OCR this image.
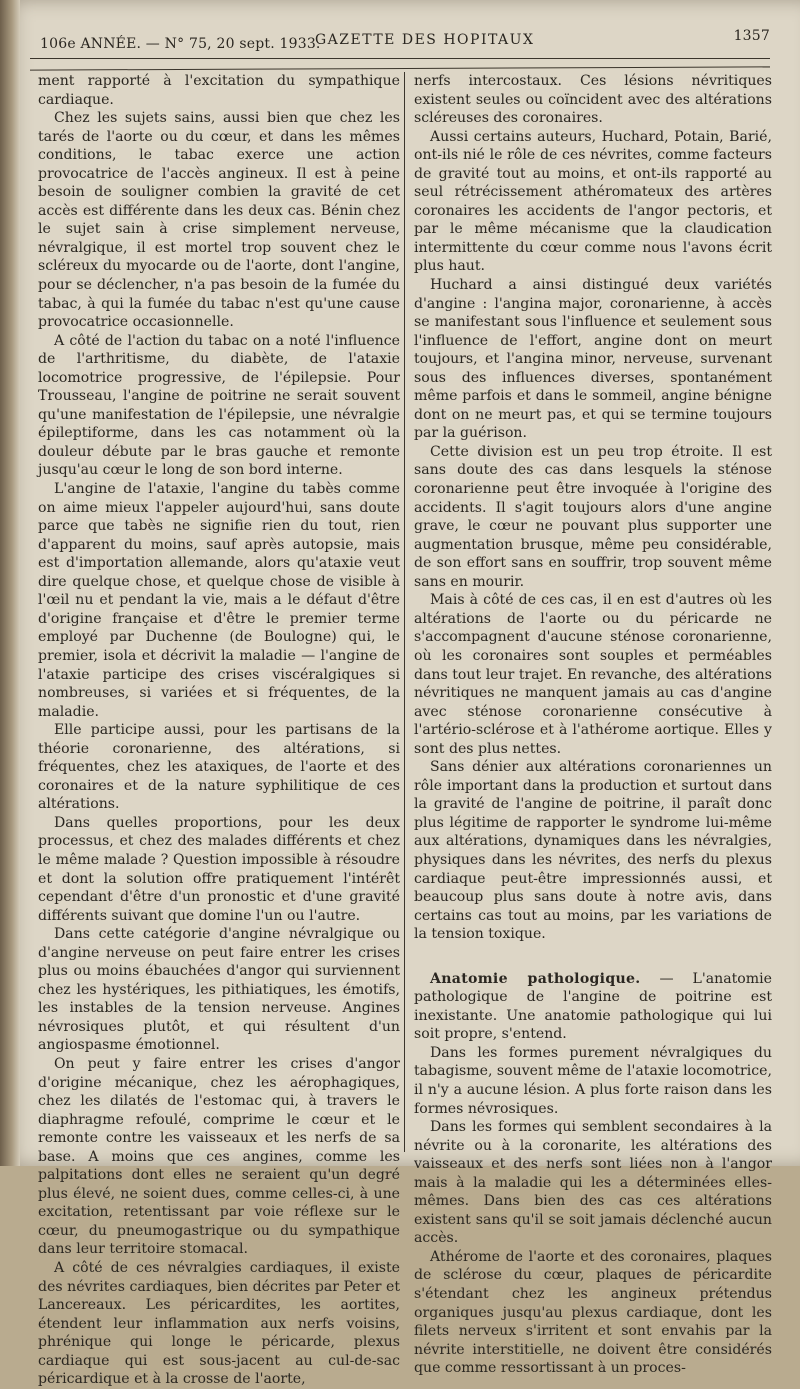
106e ANNÉE. — N° 75, 20 sept. 1933.
GAZETTE DES HOPITAUX	1357

ment rapporté à l'excitation du sympathique cardiaque.

Chez les sujets sains, aussi bien que chez les tarés de l'aorte ou du cœur, et dans les mêmes conditions, le tabac exerce une action provocatrice de l'accès angineux. Il est à peine besoin de souligner combien la gravité de cet accès est différente dans les deux cas. Bénin chez le sujet sain à crise simplement nerveuse, névralgique, il est mortel trop souvent chez le scléreux du myocarde ou de l'aorte, dont l'angine, pour se déclencher, n'a pas besoin de la fumée du tabac, à qui la fumée du tabac n'est qu'une cause provocatrice occasionnelle.

A côté de l'action du tabac on a noté l'influence de l'arthritisme, du diabète, de l'ataxie locomotrice progressive, de l'épilepsie. Pour Trousseau, l'angine de poitrine ne serait souvent qu'une manifestation de l'épilepsie, une névralgie épileptiforme, dans les cas notamment où la douleur débute par le bras gauche et remonte jusqu'au cœur le long de son bord interne.

L'angine de l'ataxie, l'angine du tabès comme on aime mieux l'appeler aujourd'hui, sans doute parce que tabès ne signifie rien du tout, rien d'apparent du moins, sauf après autopsie, mais est d'importation allemande, alors qu'ataxie veut dire quelque chose, et quelque chose de visible à l'œil nu et pendant la vie, mais a le défaut d'être d'origine française et d'être le premier terme employé par Duchenne (de Boulogne) qui, le premier, isola et décrivit la maladie — l'angine de l'ataxie participe des crises viscéralgiques si nombreuses, si variées et si fréquentes, de la maladie.

Elle participe aussi, pour les partisans de la théorie coronarienne, des altérations, si fréquentes, chez les ataxiques, de l'aorte et des coronaires et de la nature syphilitique de ces altérations.

Dans quelles proportions, pour les deux processus, et chez des malades différents et chez le même malade ? Question impossible à résoudre et dont la solution offre pratiquement l'intérêt cependant d'être d'un pronostic et d'une gravité différents suivant que domine l'un ou l'autre.

Dans cette catégorie d'angine névralgique ou d'angine nerveuse on peut faire entrer les crises plus ou moins ébauchées d'angor qui surviennent chez les hystériques, les pithiatiques, les émotifs, les instables de la tension nerveuse. Angines névrosiques plutôt, et qui résultent d'un angiospasme émotionnel.

On peut y faire entrer les crises d'angor d'origine mécanique, chez les aérophagiques, chez les dilatés de l'estomac qui, à travers le diaphragme refoulé, comprime le cœur et le remonte contre les vaisseaux et les nerfs de sa base. A moins que ces angines, comme les palpitations dont elles ne seraient qu'un degré plus élevé, ne soient dues, comme celles-ci, à une excitation, retentissant par voie réflexe sur le cœur, du pneumogastrique ou du sympathique dans leur territoire stomacal.

A côté de ces névralgies cardiaques, il existe des névrites cardiaques, bien décrites par Peter et Lancereaux. Les péricardites, les aortites, étendent leur inflammation aux nerfs voisins, phrénique qui longe le péricarde, plexus cardiaque qui est sous-jacent au cul-de-sac péricardique et à la crosse de l'aorte,

nerfs intercostaux. Ces lésions névritiques existent seules ou coïncident avec des altérations scléreuses des coronaires.

Aussi certains auteurs, Huchard, Potain, Barié, ont-ils nié le rôle de ces névrites, comme facteurs de gravité tout au moins, et ont-ils rapporté au seul rétrécissement athéromateux des artères coronaires les accidents de l'angor pectoris, et par le même mécanisme que la claudication intermittente du cœur comme nous l'avons écrit plus haut.

Huchard a ainsi distingué deux variétés d'angine : l'angina major, coronarienne, à accès se manifestant sous l'influence et seulement sous l'influence de l'effort, angine dont on meurt toujours, et l'angina minor, nerveuse, survenant sous des influences diverses, spontanément même parfois et dans le sommeil, angine bénigne dont on ne meurt pas, et qui se termine toujours par la guérison.

Cette division est un peu trop étroite. Il est sans doute des cas dans lesquels la sténose coronarienne peut être invoquée à l'origine des accidents. Il s'agit toujours alors d'une angine grave, le cœur ne pouvant plus supporter une augmentation brusque, même peu considérable, de son effort sans en souffrir, trop souvent même sans en mourir.

Mais à côté de ces cas, il en est d'autres où les altérations de l'aorte ou du péricarde ne s'accompagnent d'aucune sténose coronarienne, où les coronaires sont souples et perméables dans tout leur trajet. En revanche, des altérations névritiques ne manquent jamais au cas d'angine avec sténose coronarienne consécutive à l'artério-sclérose et à l'athérome aortique. Elles y sont des plus nettes.

Sans dénier aux altérations coronariennes un rôle important dans la production et surtout dans la gravité de l'angine de poitrine, il paraît donc plus légitime de rapporter le syndrome lui-même aux altérations, dynamiques dans les névralgies, physiques dans les névrites, des nerfs du plexus cardiaque peut-être impressionnés aussi, et beaucoup plus sans doute à notre avis, dans certains cas tout au moins, par les variations de la tension toxique.

Anatomie pathologique. — L'anatomie pathologique de l'angine de poitrine est inexistante. Une anatomie pathologique qui lui soit propre, s'entend.

Dans les formes purement névralgiques du tabagisme, souvent même de l'ataxie locomotrice, il n'y a aucune lésion. A plus forte raison dans les formes névrosiques.

Dans les formes qui semblent secondaires à la névrite ou à la coronarite, les altérations des vaisseaux et des nerfs sont liées non à l'angor mais à la maladie qui les a déterminées elles-mêmes. Dans bien des cas ces altérations existent sans qu'il se soit jamais déclenché aucun accès.

Athérome de l'aorte et des coronaires, plaques de sclérose du cœur, plaques de péricardite s'étendant chez les angineux prétendus organiques jusqu'au plexus cardiaque, dont les filets nerveux s'irritent et sont envahis par la névrite interstitielle, ne doivent être considérés que comme ressortissant à un proces-
